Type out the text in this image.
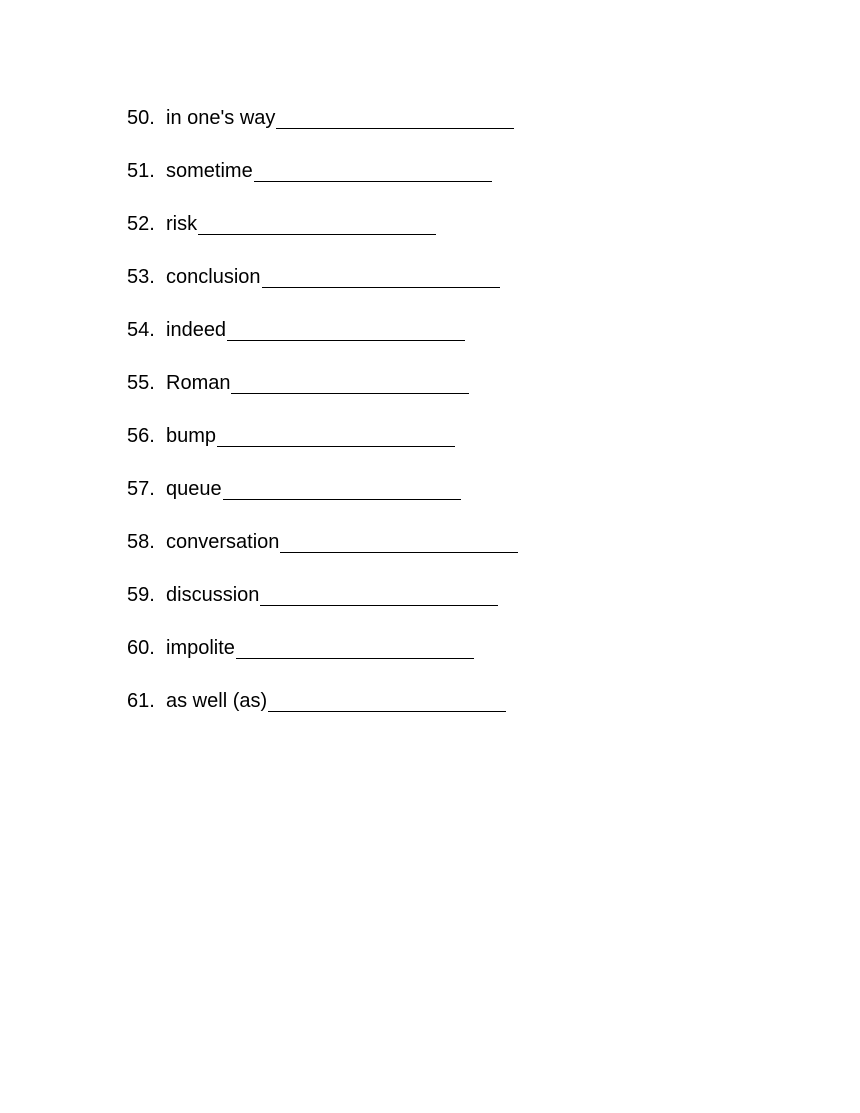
50. in one's way
51. sometime
52. risk
53. conclusion
54. indeed
55. Roman
56. bump
57. queue
58. conversation
59. discussion
60. impolite
61. as well (as)
